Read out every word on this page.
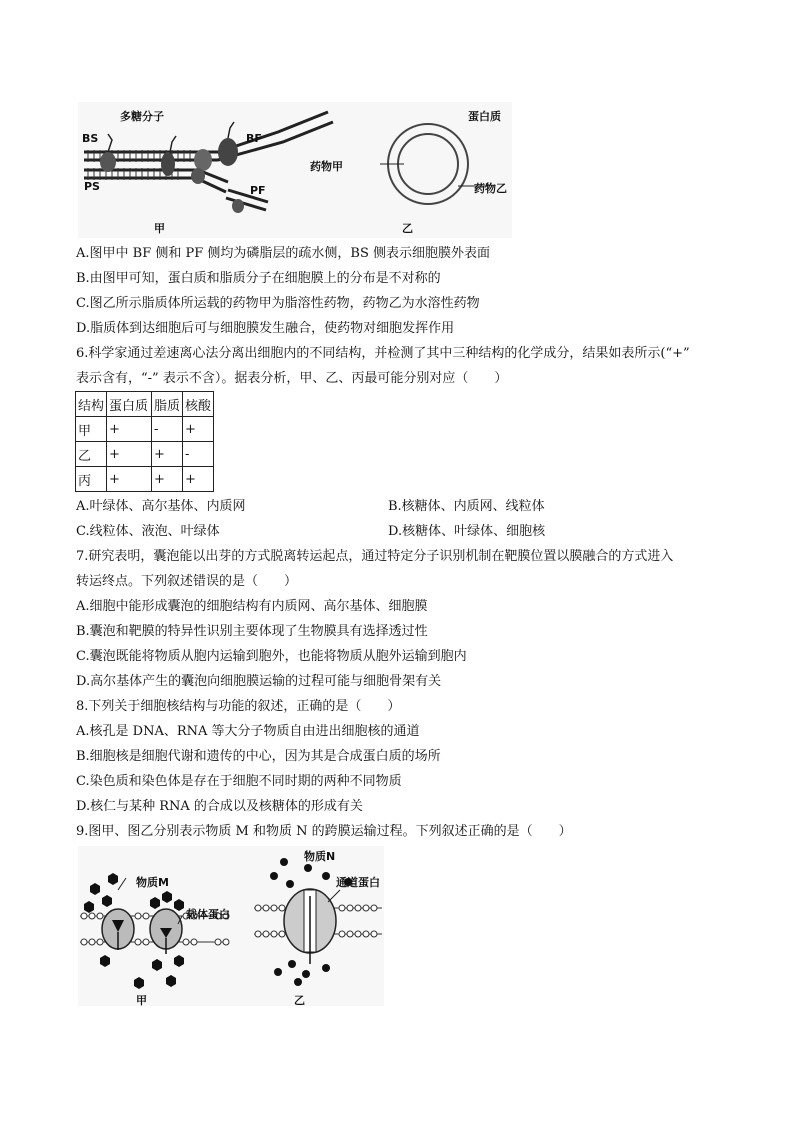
多糖分子
BS
PS
BF
PF
甲
蛋白质
药物甲
药物乙
乙
A.图甲中 BF 侧和 PF 侧均为磷脂层的疏水侧，BS 侧表示细胞膜外表面
B.由图甲可知，蛋白质和脂质分子在细胞膜上的分布是不对称的
C.图乙所示脂质体所运载的药物甲为脂溶性药物，药物乙为水溶性药物
D.脂质体到达细胞后可与细胞膜发生融合，使药物对细胞发挥作用
6.科学家通过差速离心法分离出细胞内的不同结构，并检测了其中三种结构的化学成分，结果如表所示(“+”
表示含有，“-” 表示不含）。据表分析，甲、乙、丙最可能分别对应（　　）
结构	蛋白质	脂质	核酸
甲	+	-	+
乙	+	+	-
丙	+	+	+
A.叶绿体、高尔基体、内质网	B.核糖体、内质网、线粒体
C.线粒体、液泡、叶绿体	D.核糖体、叶绿体、细胞核
7.研究表明，囊泡能以出芽的方式脱离转运起点，通过特定分子识别机制在靶膜位置以膜融合的方式进入
转运终点。下列叙述错误的是（　　）
A.细胞中能形成囊泡的细胞结构有内质网、高尔基体、细胞膜
B.囊泡和靶膜的特异性识别主要体现了生物膜具有选择透过性
C.囊泡既能将物质从胞内运输到胞外，也能将物质从胞外运输到胞内
D.高尔基体产生的囊泡向细胞膜运输的过程可能与细胞骨架有关
8.下列关于细胞核结构与功能的叙述，正确的是（　　）
A.核孔是 DNA、RNA 等大分子物质自由进出细胞核的通道
B.细胞核是细胞代谢和遗传的中心，因为其是合成蛋白质的场所
C.染色质和染色体是存在于细胞不同时期的两种不同物质
D.核仁与某种 RNA 的合成以及核糖体的形成有关
9.图甲、图乙分别表示物质 M 和物质 N 的跨膜运输过程。下列叙述正确的是（　　）
物质M
载体蛋白
甲
物质N
通道蛋白
乙
